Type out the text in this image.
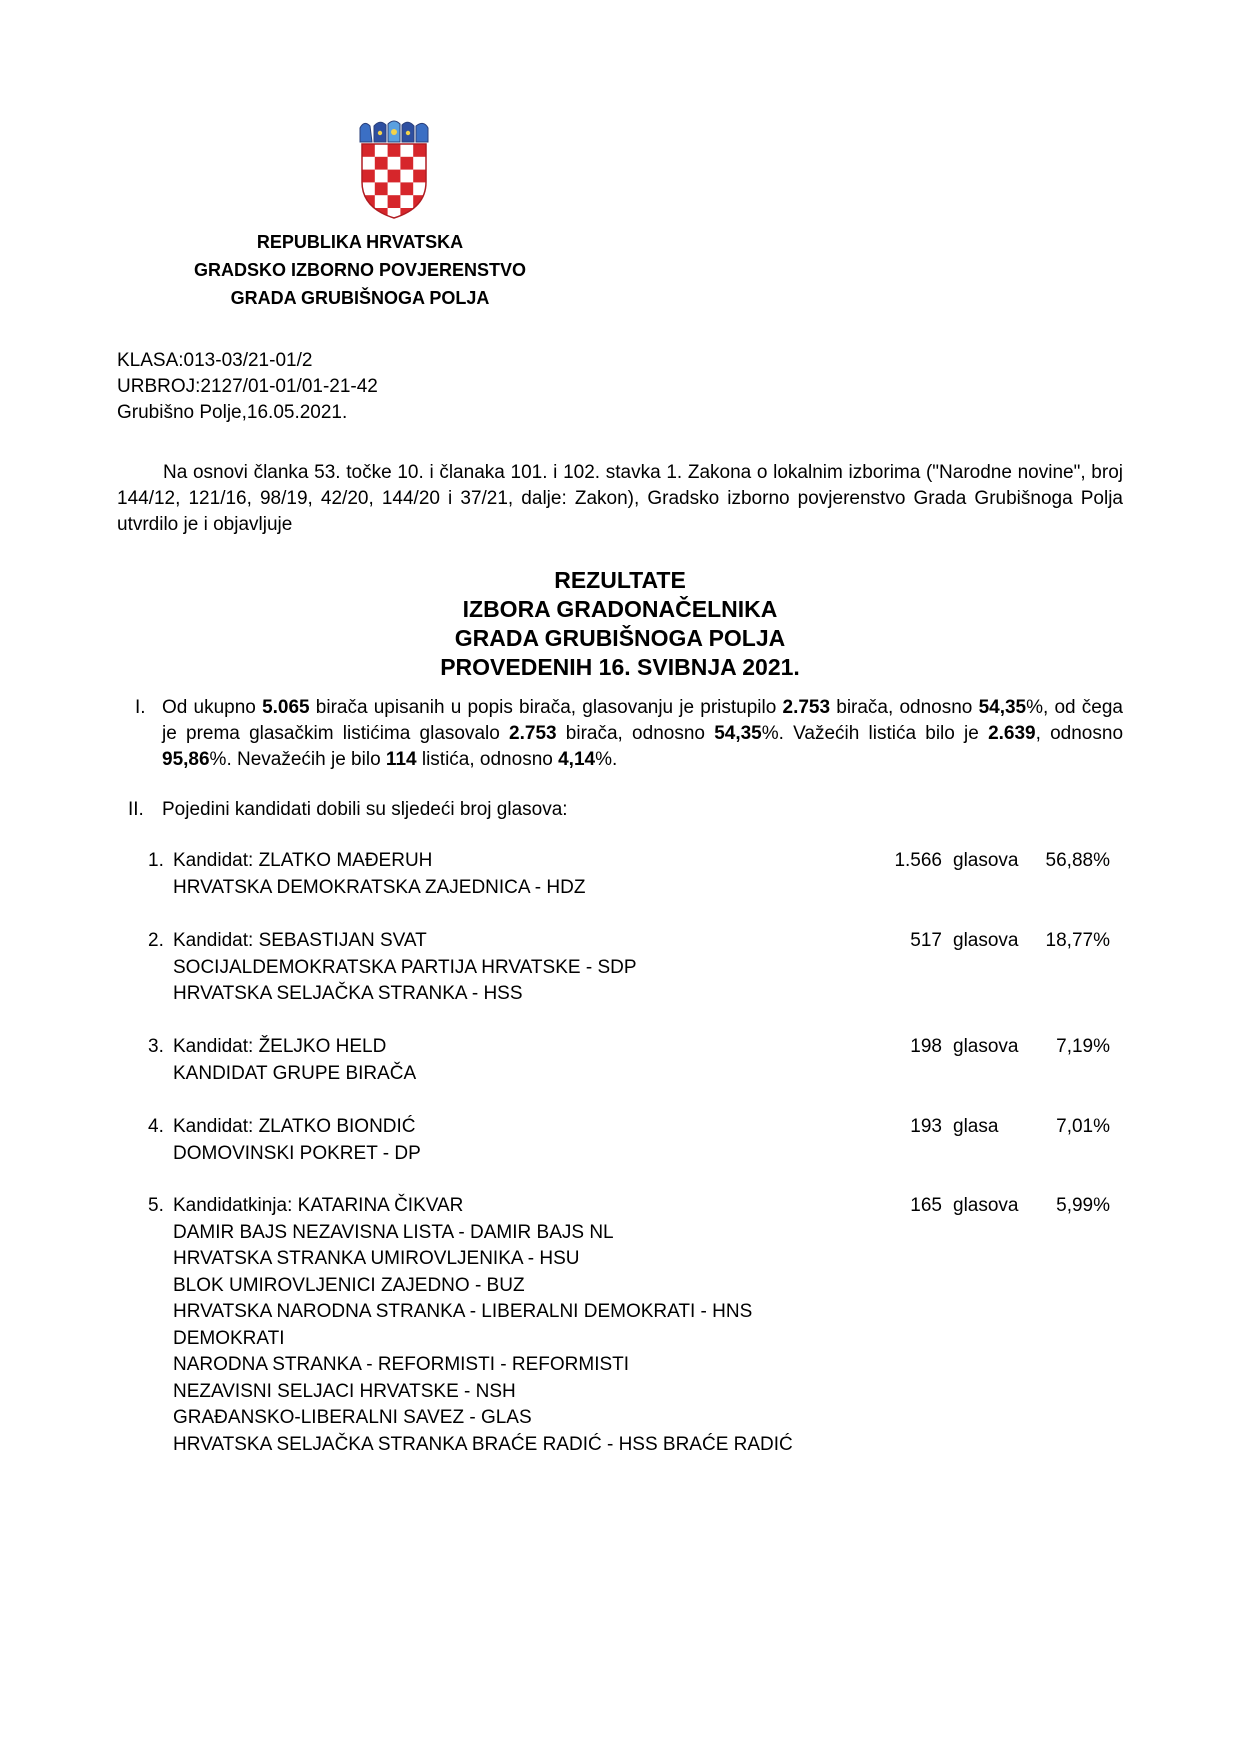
REPUBLIKA HRVATSKA
GRADSKO IZBORNO POVJERENSTVO
GRADA GRUBIŠNOGA POLJA
KLASA:013-03/21-01/2
URBROJ:2127/01-01/01-21-42
Grubišno Polje,16.05.2021.
Na osnovi članka 53. točke 10. i članaka 101. i 102. stavka 1. Zakona o lokalnim izborima ("Narodne novine", broj 144/12, 121/16, 98/19, 42/20, 144/20 i 37/21, dalje: Zakon), Gradsko izborno povjerenstvo Grada Grubišnoga Polja utvrdilo je i objavljuje
REZULTATE
IZBORA GRADONAČELNIKA
GRADA GRUBIŠNOGA POLJA
PROVEDENIH 16. SVIBNJA 2021.
I. Od ukupno 5.065 birača upisanih u popis birača, glasovanju je pristupilo 2.753 birača, odnosno 54,35%, od čega je prema glasačkim listićima glasovalo 2.753 birača, odnosno 54,35%. Važećih listića bilo je 2.639, odnosno 95,86%. Nevažećih je bilo 114 listića, odnosno 4,14%.
II. Pojedini kandidati dobili su sljedeći broj glasova:
1. Kandidat: ZLATKO MAĐERUH
HRVATSKA DEMOKRATSKA ZAJEDNICA - HDZ
1.566 glasova 56,88%
2. Kandidat: SEBASTIJAN SVAT
SOCIJALDEMOKRATSKA PARTIJA HRVATSKE - SDP
HRVATSKA SELJAČKA STRANKA - HSS
517 glasova 18,77%
3. Kandidat: ŽELJKO HELD
KANDIDAT GRUPE BIRAČA
198 glasova 7,19%
4. Kandidat: ZLATKO BIONDIĆ
DOMOVINSKI POKRET - DP
193 glasa	7,01%
5. Kandidatkinja: KATARINA ČIKVAR
DAMIR BAJS NEZAVISNA LISTA - DAMIR BAJS NL
HRVATSKA STRANKA UMIROVLJENIKA - HSU
BLOK UMIROVLJENICI ZAJEDNO - BUZ
HRVATSKA NARODNA STRANKA - LIBERALNI DEMOKRATI - HNS
DEMOKRATI
NARODNA STRANKA - REFORMISTI - REFORMISTI
NEZAVISNI SELJACI HRVATSKE - NSH
GRAĐANSKO-LIBERALNI SAVEZ - GLAS
HRVATSKA SELJAČKA STRANKA BRAĆE RADIĆ - HSS BRAĆE RADIĆ
165 glasova 5,99%
